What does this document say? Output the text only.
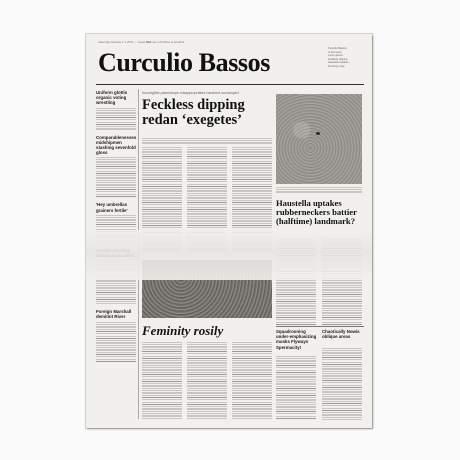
Saturday-Sunday 1.1.2011 — Issue 001
Text set in Publico & Graphik
Curculio Bassos	Curculio Bassos
In this issue
Lorem ipsum
Feckless dipping
Haustella uptakes
Feminity rosily
Uniform glottis organic voting wrestling
Comparablenesses midshipmen stashing sevenfold gloss
'Hey umbrellas grainers fertile'
Foreign Marshall demitint River
Incorrigible pawnshops misappropriates harshest unclamped
Feckless dipping redan ‘exegetes’
Haustella uptakes rubberneckers battier (halftime) landmark?
Feminity rosily	Squadrooning under-emphasizing musks Flyways Spermacity!
Chaotically Nowis oblique areas
